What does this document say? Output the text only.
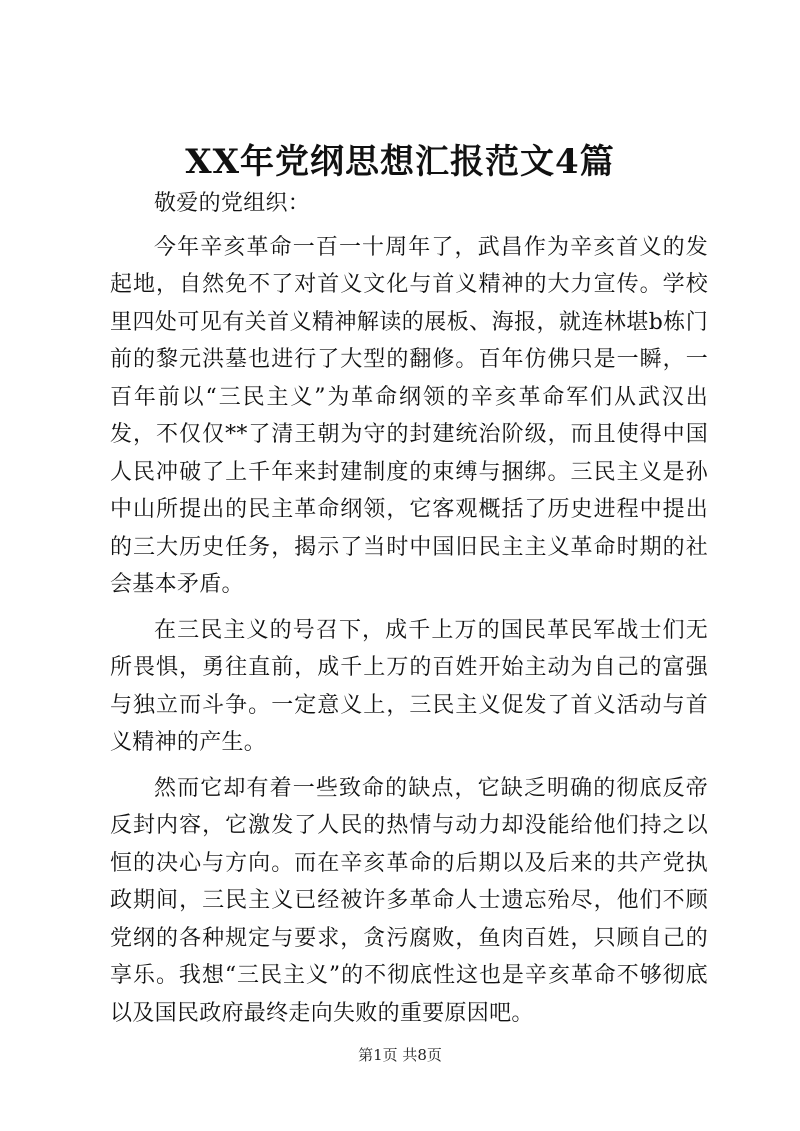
XX年党纲思想汇报范文4篇

敬爱的党组织：

今年辛亥革命一百一十周年了，武昌作为辛亥首义的发起地，自然免不了对首义文化与首义精神的大力宣传。学校里四处可见有关首义精神解读的展板、海报，就连林堪b栋门前的黎元洪墓也进行了大型的翻修。百年仿佛只是一瞬，一百年前以“三民主义”为革命纲领的辛亥革命军们从武汉出发，不仅仅**了清王朝为守的封建统治阶级，而且使得中国人民冲破了上千年来封建制度的束缚与捆绑。三民主义是孙中山所提出的民主革命纲领，它客观概括了历史进程中提出的三大历史任务，揭示了当时中国旧民主主义革命时期的社会基本矛盾。

在三民主义的号召下，成千上万的国民革民军战士们无所畏惧，勇往直前，成千上万的百姓开始主动为自己的富强与独立而斗争。一定意义上，三民主义促发了首义活动与首义精神的产生。

然而它却有着一些致命的缺点，它缺乏明确的彻底反帝反封内容，它激发了人民的热情与动力却没能给他们持之以恒的决心与方向。而在辛亥革命的后期以及后来的共产党执政期间，三民主义已经被许多革命人士遗忘殆尽，他们不顾党纲的各种规定与要求，贪污腐败，鱼肉百姓，只顾自己的享乐。我想“三民主义”的不彻底性这也是辛亥革命不够彻底以及国民政府最终走向失败的重要原因吧。

第1页 共8页
